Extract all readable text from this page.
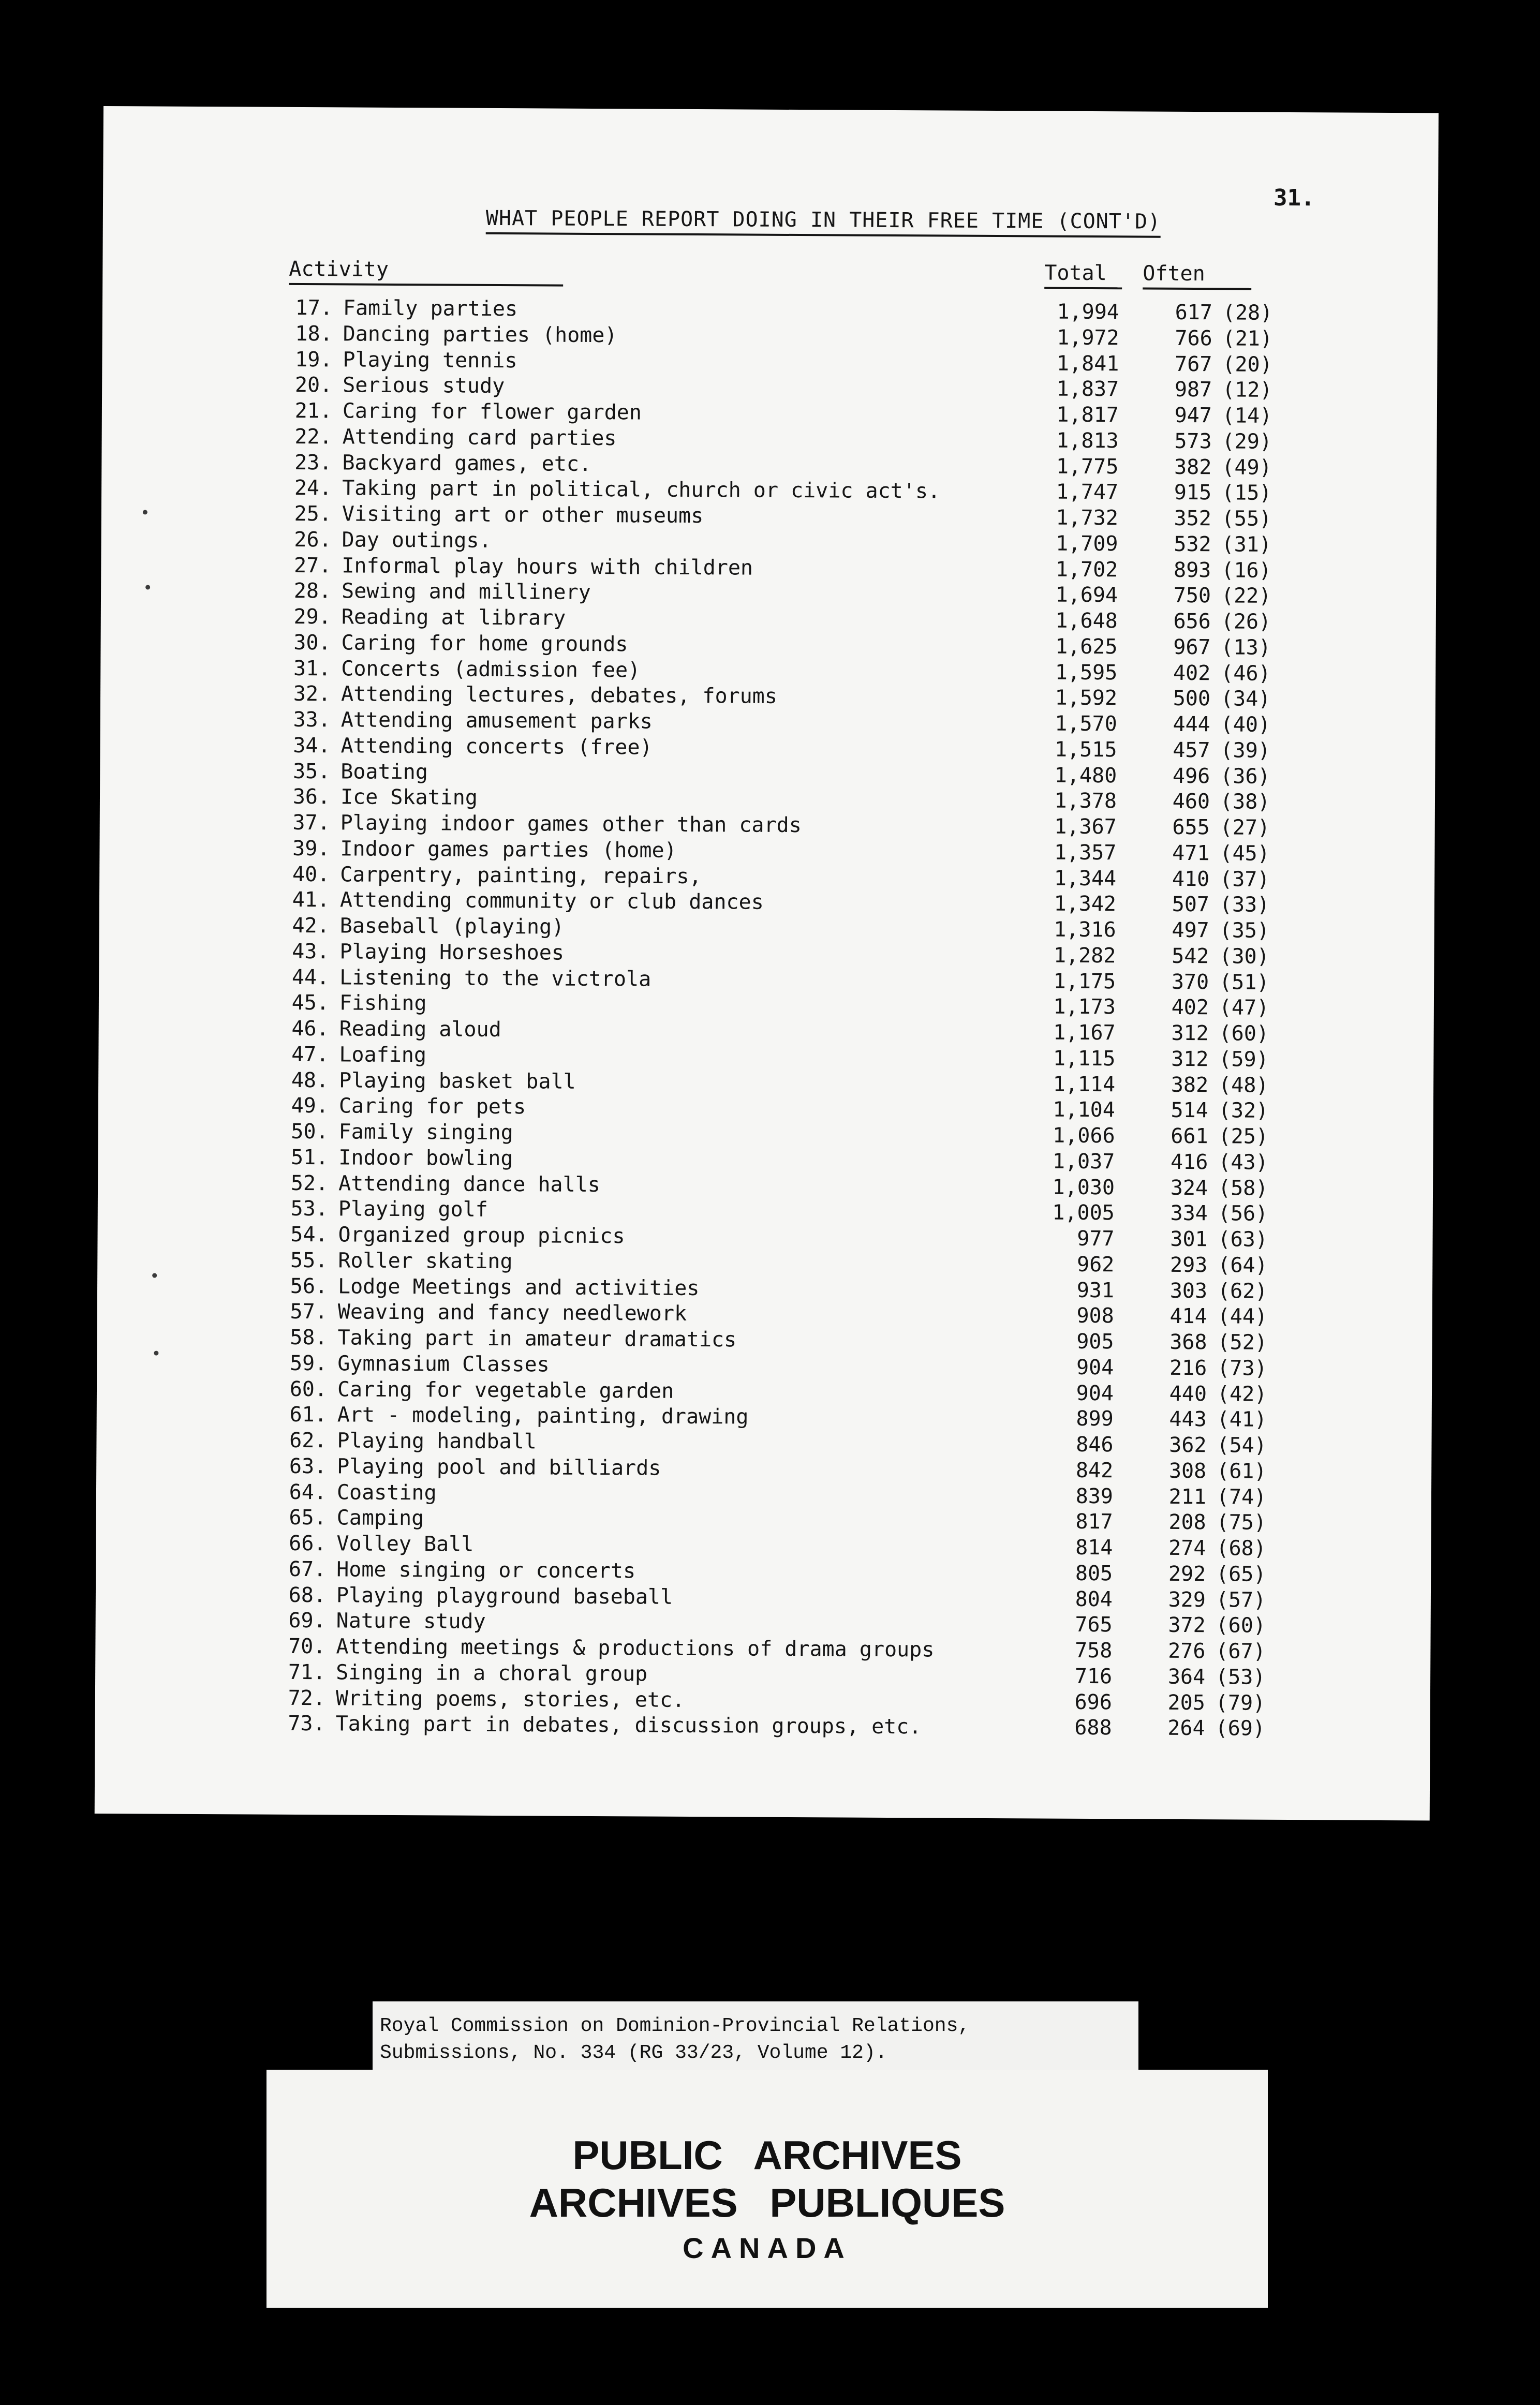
31.
WHAT PEOPLE REPORT DOING IN THEIR FREE TIME (CONT'D)
Activity	Total	Often
17. Family parties	1,994	617 (28)
18. Dancing parties (home)	1,972	766 (21)
19. Playing tennis	1,841	767 (20)
20. Serious study	1,837	987 (12)
21. Caring for flower garden	1,817	947 (14)
22. Attending card parties	1,813	573 (29)
23. Backyard games, etc.	1,775	382 (49)
24. Taking part in political, church or civic act's.	1,747	915 (15)
25. Visiting art or other museums	1,732	352 (55)
26. Day outings.	1,709	532 (31)
27. Informal play hours with children	1,702	893 (16)
28. Sewing and millinery	1,694	750 (22)
29. Reading at library	1,648	656 (26)
30. Caring for home grounds	1,625	967 (13)
31. Concerts (admission fee)	1,595	402 (46)
32. Attending lectures, debates, forums	1,592	500 (34)
33. Attending amusement parks	1,570	444 (40)
34. Attending concerts (free)	1,515	457 (39)
35. Boating	1,480	496 (36)
36. Ice Skating	1,378	460 (38)
37. Playing indoor games other than cards	1,367	655 (27)
39. Indoor games parties (home)	1,357	471 (45)
40. Carpentry, painting, repairs,	1,344	410 (37)
41. Attending community or club dances	1,342	507 (33)
42. Baseball (playing)	1,316	497 (35)
43. Playing Horseshoes	1,282	542 (30)
44. Listening to the victrola	1,175	370 (51)
45. Fishing	1,173	402 (47)
46. Reading aloud	1,167	312 (60)
47. Loafing	1,115	312 (59)
48. Playing basket ball	1,114	382 (48)
49. Caring for pets	1,104	514 (32)
50. Family singing	1,066	661 (25)
51. Indoor bowling	1,037	416 (43)
52. Attending dance halls	1,030	324 (58)
53. Playing golf	1,005	334 (56)
54. Organized group picnics	977	301 (63)
55. Roller skating	962	293 (64)
56. Lodge Meetings and activities	931	303 (62)
57. Weaving and fancy needlework	908	414 (44)
58. Taking part in amateur dramatics	905	368 (52)
59. Gymnasium Classes	904	216 (73)
60. Caring for vegetable garden	904	440 (42)
61. Art - modeling, painting, drawing	899	443 (41)
62. Playing handball	846	362 (54)
63. Playing pool and billiards	842	308 (61)
64. Coasting	839	211 (74)
65. Camping	817	208 (75)
66. Volley Ball	814	274 (68)
67. Home singing or concerts	805	292 (65)
68. Playing playground baseball	804	329 (57)
69. Nature study	765	372 (60)
70. Attending meetings & productions of drama groups	758	276 (67)
71. Singing in a choral group	716	364 (53)
72. Writing poems, stories, etc.	696	205 (79)
73. Taking part in debates, discussion groups, etc.	688	264 (69)
Royal Commission on Dominion-Provincial Relations,
Submissions, No. 334 (RG 33/23, Volume 12).
PUBLIC ARCHIVES
ARCHIVES PUBLIQUES
CANADA
